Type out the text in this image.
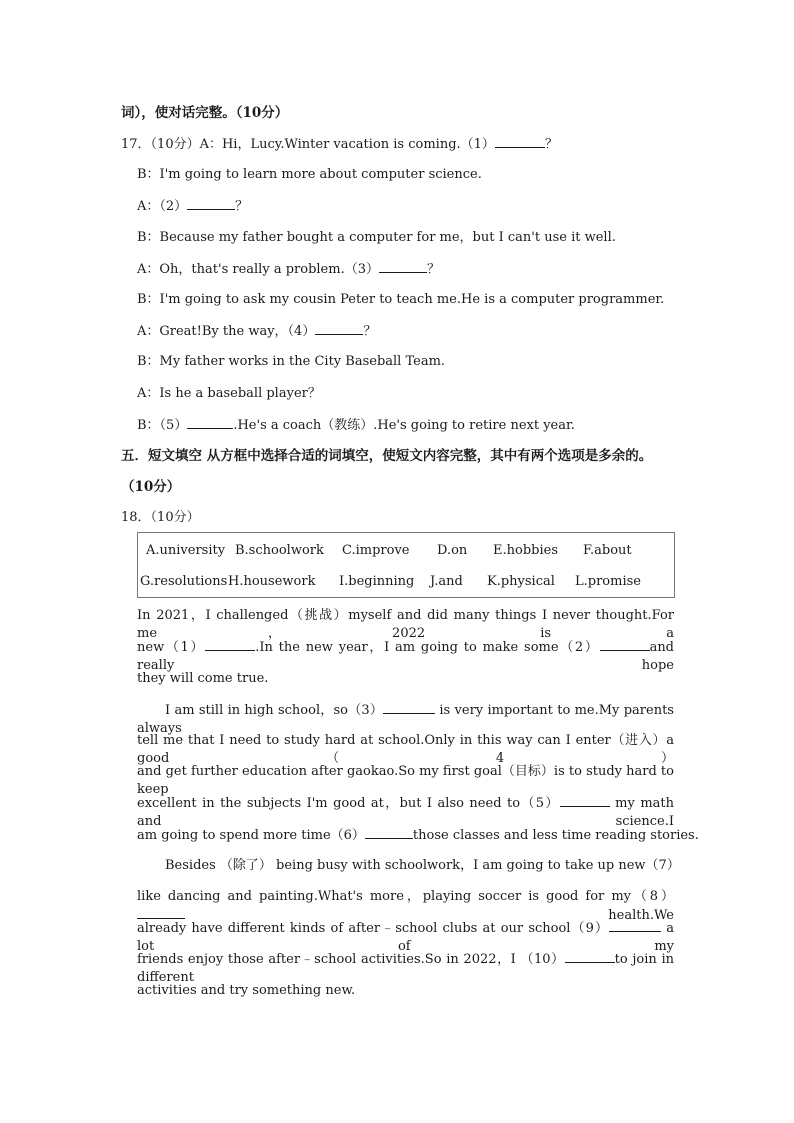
词），使对话完整。（10分）
17．（10分）A：Hi，Lucy.Winter vacation is coming.（1）	？
B：I'm going to learn more about computer science.
A：（2）	？
B：Because my father bought a computer for me，but I can't use it well.
A：Oh，that's really a problem.（3）	？
B：I'm going to ask my cousin Peter to teach me.He is a computer programmer.
A：Great!By the way，（4）	？
B：My father works in the City Baseball Team.
A：Is he a baseball player？
B：（5）	.He's a coach（教练）.He's going to retire next year.
五．短文填空 从方框中选择合适的词填空，使短文内容完整，其中有两个选项是多余的。
（10分）
18．（10分）
A.university B.schoolwork C.improve D.on E.hobbies F.about
G.resolutions H.housework I.beginning J.and K.physical L.promise
In 2021，I challenged（挑战）myself and did many things I never thought.For me，2022 is a
new（1）	.In the new year，I am going to make some（2）	and really hope
they will come true.
I am still in high school，so（3）	is very important to me.My parents always
tell me that I need to study hard at school.Only in this way can I enter（进入）a good（4）
and get further education after gaokao.So my first goal（目标）is to study hard to keep
excellent in the subjects I'm good at，but I also need to（5）	my math and science.I
am going to spend more time（6）	those classes and less time reading stories.
Besides （除了） being busy with schoolwork，I am going to take up new（7）
like dancing and painting.What's more，playing soccer is good for my（8） health.We
already have different kinds of after﹣school clubs at our school（9）	a lot of my
friends enjoy those after﹣school activities.So in 2022，I （10）	to join in different
activities and try something new.
